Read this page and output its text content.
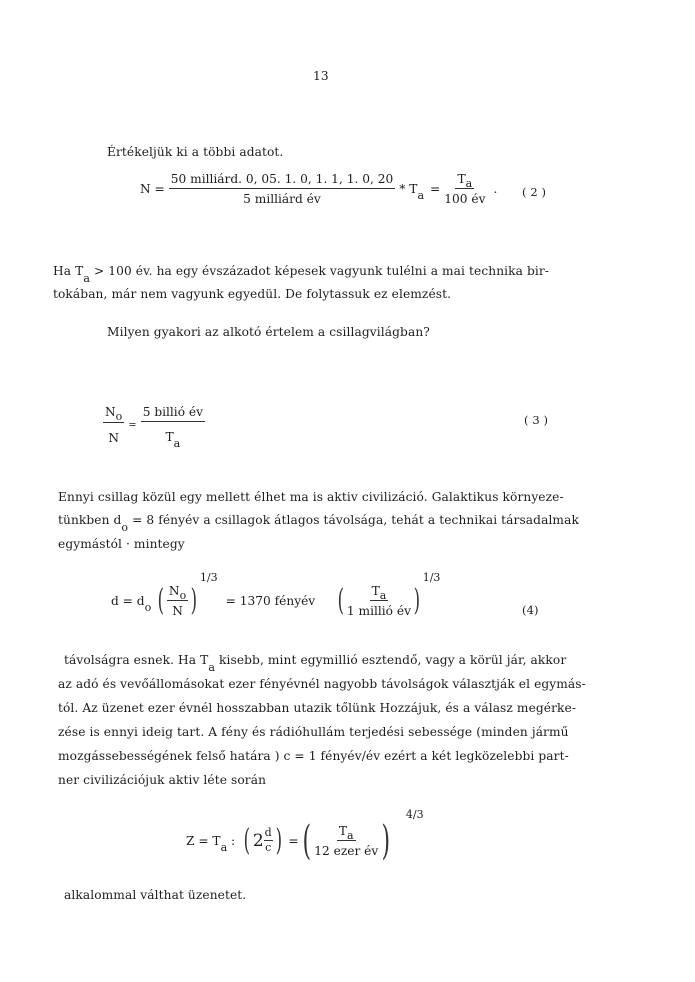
13
Értékeljük ki a többi adatot.
$N = \frac{\text{50 milliárd. 0, 05. 1. 0, 1. 1, 1. 0, 20}}{\text{5 milliárd év}} * Ta = \frac{Ta}{100 év}$ . ( 2 )
Ha Ta > 100 év. ha egy évszázadot képesek vagyunk tulélni a mai technika bir-
tokában, már nem vagyunk egyedül. De folytassuk ez elemzést.
Milyen gyakori az alkotó értelem a csillagvilágban?
$\frac{No}{N} = \frac{\text{5 billió év}}{Ta}$	( 3 )
Ennyi csillag közül egy mellett élhet ma is aktiv civilizáció. Galaktikus környeze-
tünkben do = 8 fényév a csillagok átlagos távolsága, tehát a technikai társadalmak
egymástól · mintegy
d = do ( $\frac{No}{N}$ )
1/3
= 1370 fényév ( $\frac{Ta}{\text{1 millió év}}$ )
1/3
(4)
távolságra esnek. Ha Ta kisebb, mint egymillió esztendő, vagy a körül jár, akkor
az adó és vevőállomásokat ezer fényévnél nagyobb távolságok választják el egymás-
tól. Az üzenet ezer évnél hosszabban utazik tőlünk Hozzájuk, és a válasz megérke-
zése is ennyi ideig tart. A fény és rádióhullám terjedési sebessége (minden jármű
mozgássebességének felső határa ) c = 1 fényév/év ezért a két legközelebbi part-
ner civilizációjuk aktiv léte során
Z = Ta : ( $2 \frac{d}{c}$ ) = ( $\frac{Ta}{\text{12 ezer év}}$ )
4/3
alkalommal válthat üzenetet.
